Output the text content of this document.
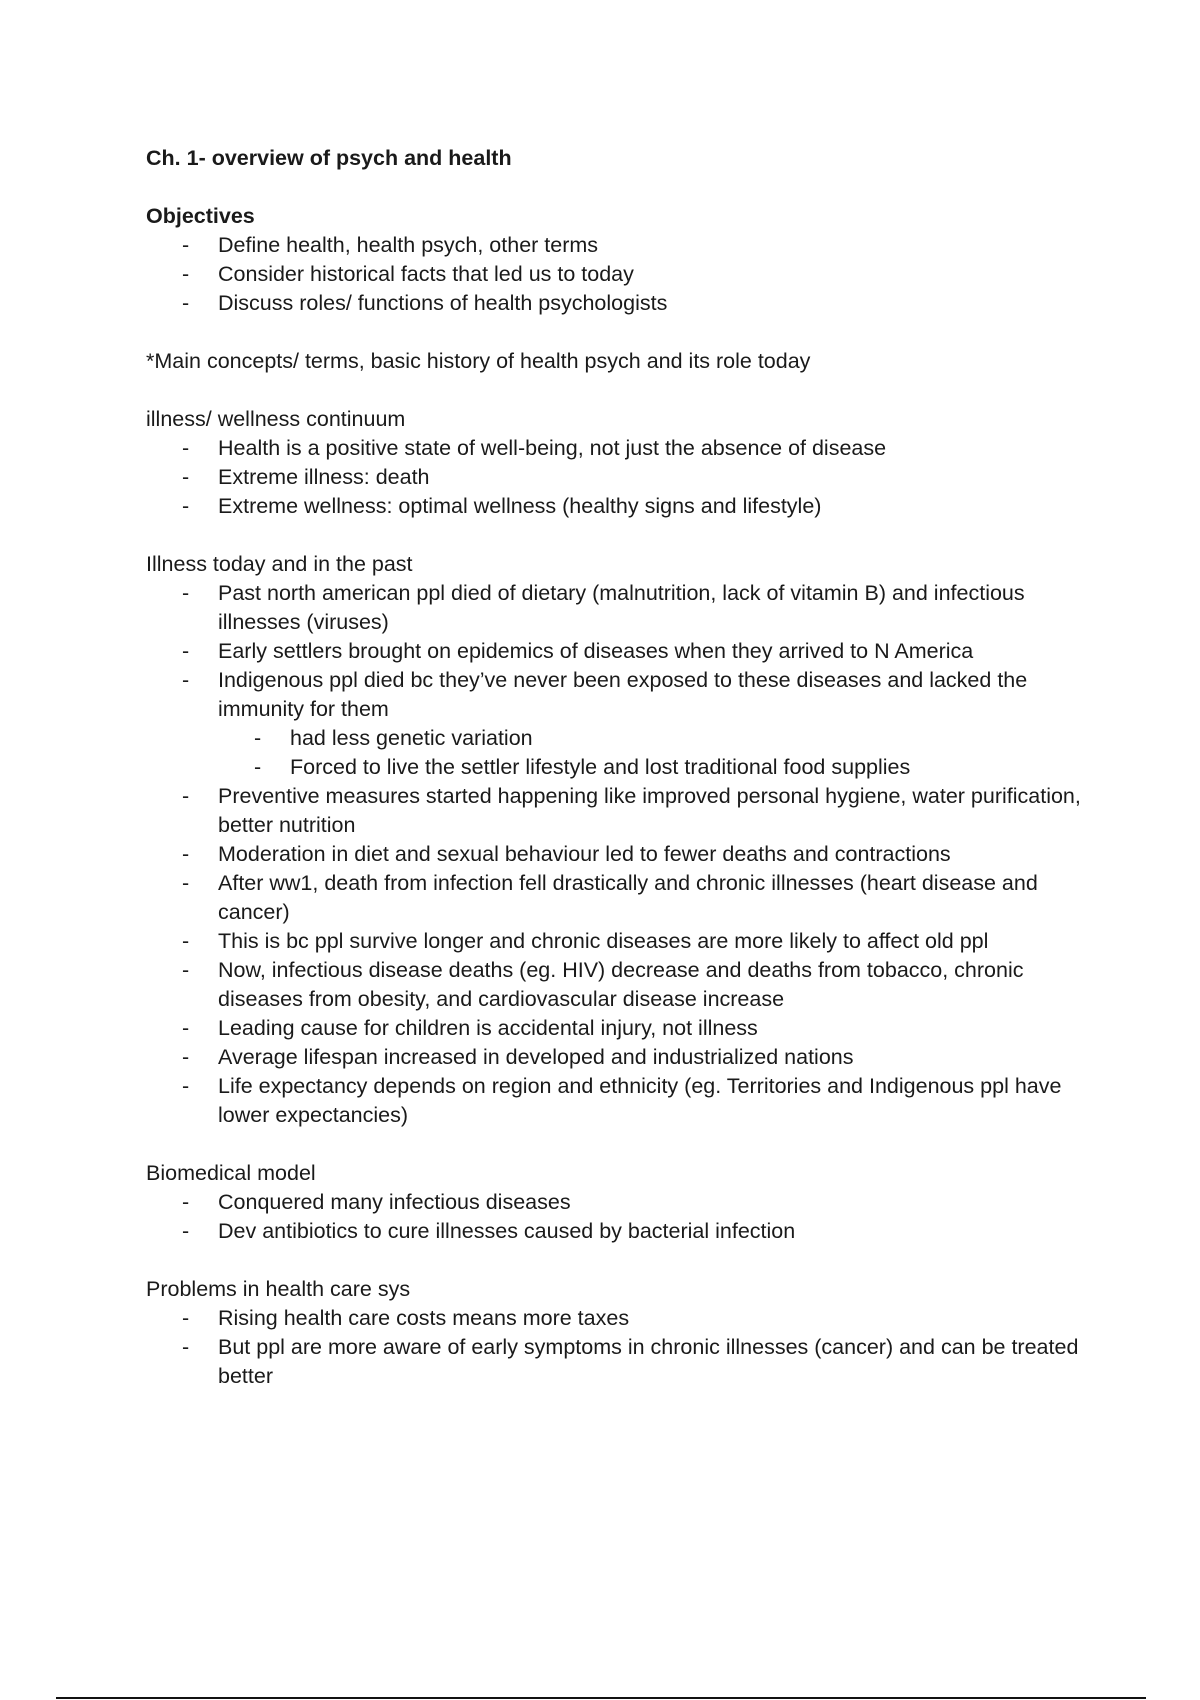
Ch. 1- overview of psych and health

Objectives

- Define health, health psych, other terms
- Consider historical facts that led us to today
- Discuss roles/ functions of health psychologists

*Main concepts/ terms, basic history of health psych and its role today

illness/ wellness continuum

- Health is a positive state of well-being, not just the absence of disease
- Extreme illness: death
- Extreme wellness: optimal wellness (healthy signs and lifestyle)

Illness today and in the past

- Past north american ppl died of dietary (malnutrition, lack of vitamin B) and infectious illnesses (viruses)
- Early settlers brought on epidemics of diseases when they arrived to N America
- Indigenous ppl died bc they’ve never been exposed to these diseases and lacked the immunity for them
- had less genetic variation
- Forced to live the settler lifestyle and lost traditional food supplies
- Preventive measures started happening like improved personal hygiene, water purification, better nutrition
- Moderation in diet and sexual behaviour led to fewer deaths and contractions
- After ww1, death from infection fell drastically and chronic illnesses (heart disease and cancer)
- This is bc ppl survive longer and chronic diseases are more likely to affect old ppl
- Now, infectious disease deaths (eg. HIV) decrease and deaths from tobacco, chronic diseases from obesity, and cardiovascular disease increase
- Leading cause for children is accidental injury, not illness
- Average lifespan increased in developed and industrialized nations
- Life expectancy depends on region and ethnicity (eg. Territories and Indigenous ppl have lower expectancies)

Biomedical model

- Conquered many infectious diseases
- Dev antibiotics to cure illnesses caused by bacterial infection

Problems in health care sys

- Rising health care costs means more taxes
- But ppl are more aware of early symptoms in chronic illnesses (cancer) and can be treated better
